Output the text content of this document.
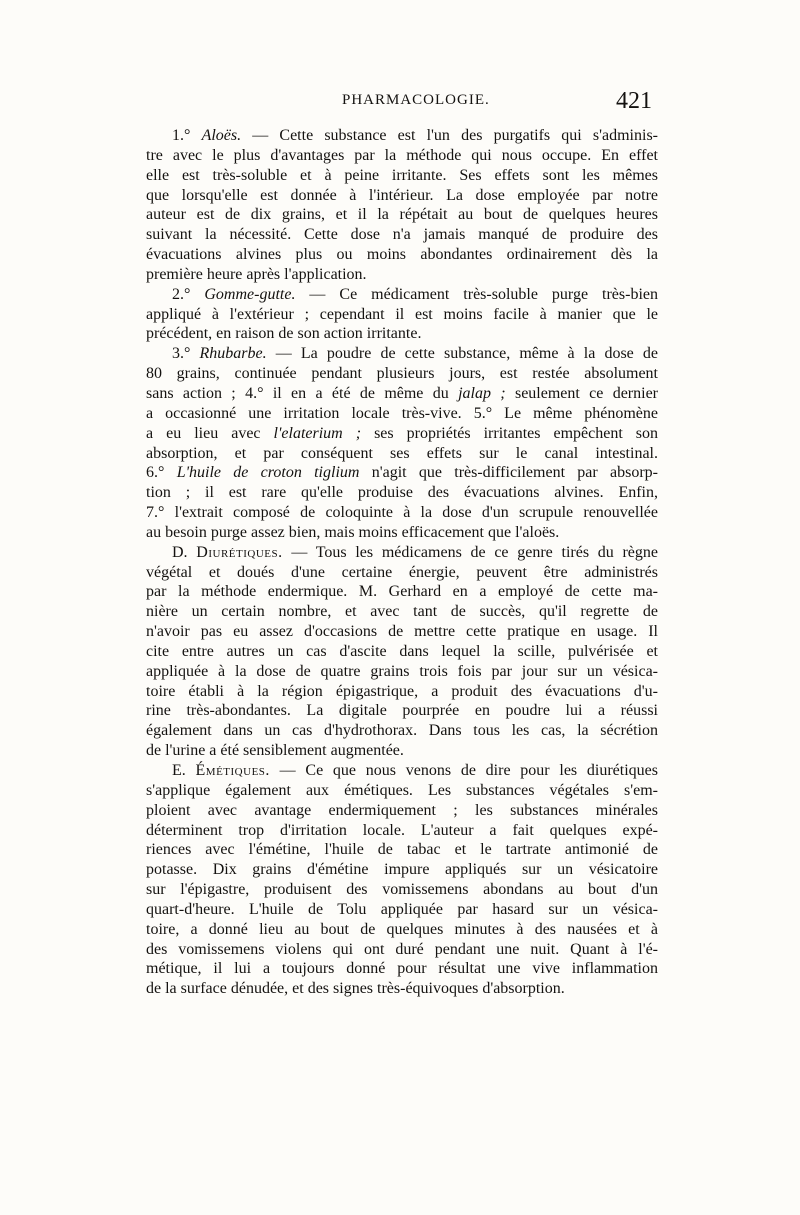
PHARMACOLOGIE.	421

1.° Aloës. — Cette substance est l'un des purgatifs qui s'adminis-
tre avec le plus d'avantages par la méthode qui nous occupe. En effet
elle est très-soluble et à peine irritante. Ses effets sont les mêmes
que lorsqu'elle est donnée à l'intérieur. La dose employée par notre
auteur est de dix grains, et il la répétait au bout de quelques heures
suivant la nécessité. Cette dose n'a jamais manqué de produire des
évacuations alvines plus ou moins abondantes ordinairement dès la
première heure après l'application.

2.° Gomme-gutte. — Ce médicament très-soluble purge très-bien
appliqué à l'extérieur ; cependant il est moins facile à manier que le
précédent, en raison de son action irritante.

3.° Rhubarbe. — La poudre de cette substance, même à la dose de
80 grains, continuée pendant plusieurs jours, est restée absolument
sans action ; 4.° il en a été de même du jalap ; seulement ce dernier
a occasionné une irritation locale très-vive. 5.° Le même phénomène
a eu lieu avec l'elaterium ; ses propriétés irritantes empêchent son
absorption, et par conséquent ses effets sur le canal intestinal.
6.° L'huile de croton tiglium n'agit que très-difficilement par absorp-
tion ; il est rare qu'elle produise des évacuations alvines. Enfin,
7.° l'extrait composé de coloquinte à la dose d'un scrupule renouvellée
au besoin purge assez bien, mais moins efficacement que l'aloës.

D. Diurétiques. — Tous les médicamens de ce genre tirés du règne
végétal et doués d'une certaine énergie, peuvent être administrés
par la méthode endermique. M. Gerhard en a employé de cette ma-
nière un certain nombre, et avec tant de succès, qu'il regrette de
n'avoir pas eu assez d'occasions de mettre cette pratique en usage. Il
cite entre autres un cas d'ascite dans lequel la scille, pulvérisée et
appliquée à la dose de quatre grains trois fois par jour sur un vésica-
toire établi à la région épigastrique, a produit des évacuations d'u-
rine très-abondantes. La digitale pourprée en poudre lui a réussi
également dans un cas d'hydrothorax. Dans tous les cas, la sécrétion
de l'urine a été sensiblement augmentée.

E. Émétiques. — Ce que nous venons de dire pour les diurétiques
s'applique également aux émétiques. Les substances végétales s'em-
ploient avec avantage endermiquement ; les substances minérales
déterminent trop d'irritation locale. L'auteur a fait quelques expé-
riences avec l'émétine, l'huile de tabac et le tartrate antimonié de
potasse. Dix grains d'émétine impure appliqués sur un vésicatoire
sur l'épigastre, produisent des vomissemens abondans au bout d'un
quart-d'heure. L'huile de Tolu appliquée par hasard sur un vésica-
toire, a donné lieu au bout de quelques minutes à des nausées et à
des vomissemens violens qui ont duré pendant une nuit. Quant à l'é-
métique, il lui a toujours donné pour résultat une vive inflammation
de la surface dénudée, et des signes très-équivoques d'absorption.
